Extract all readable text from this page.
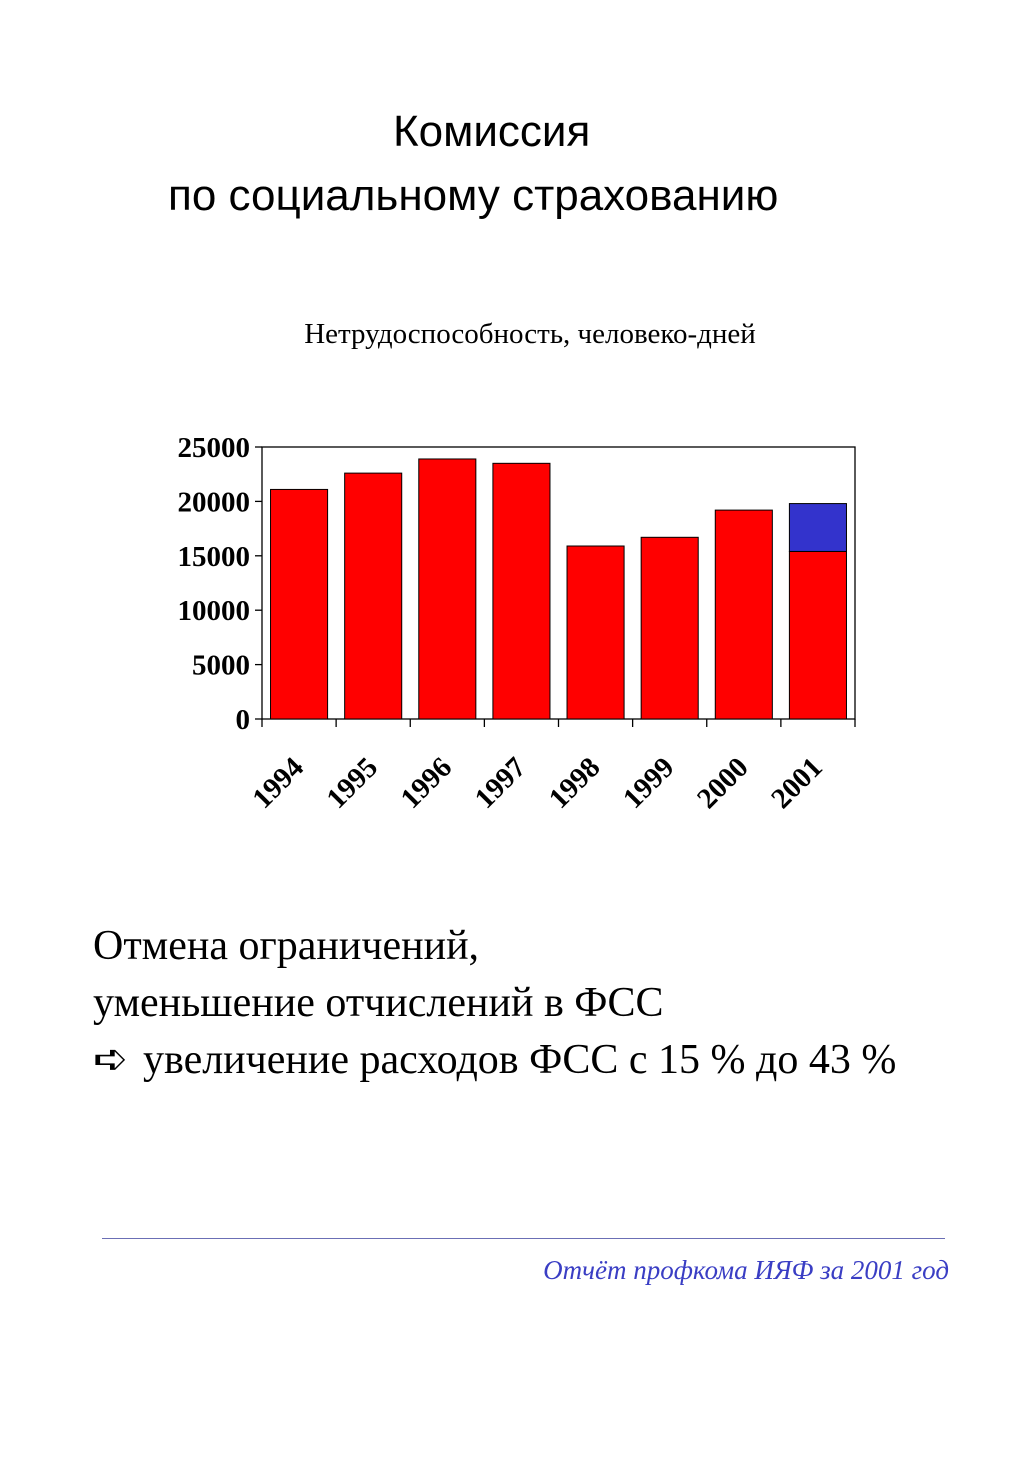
Комиссия
по социальному страхованию
Нетрудоспособность, человеко-дней
0
5000
10000
15000
20000
25000
1994 1995 1996 1997 1998 1999 2000 2001
Отмена ограничений,
уменьшение отчислений в ФСС
➪ увеличение расходов ФСС с 15 % до 43 %
Отчёт профкома ИЯФ за 2001 год
